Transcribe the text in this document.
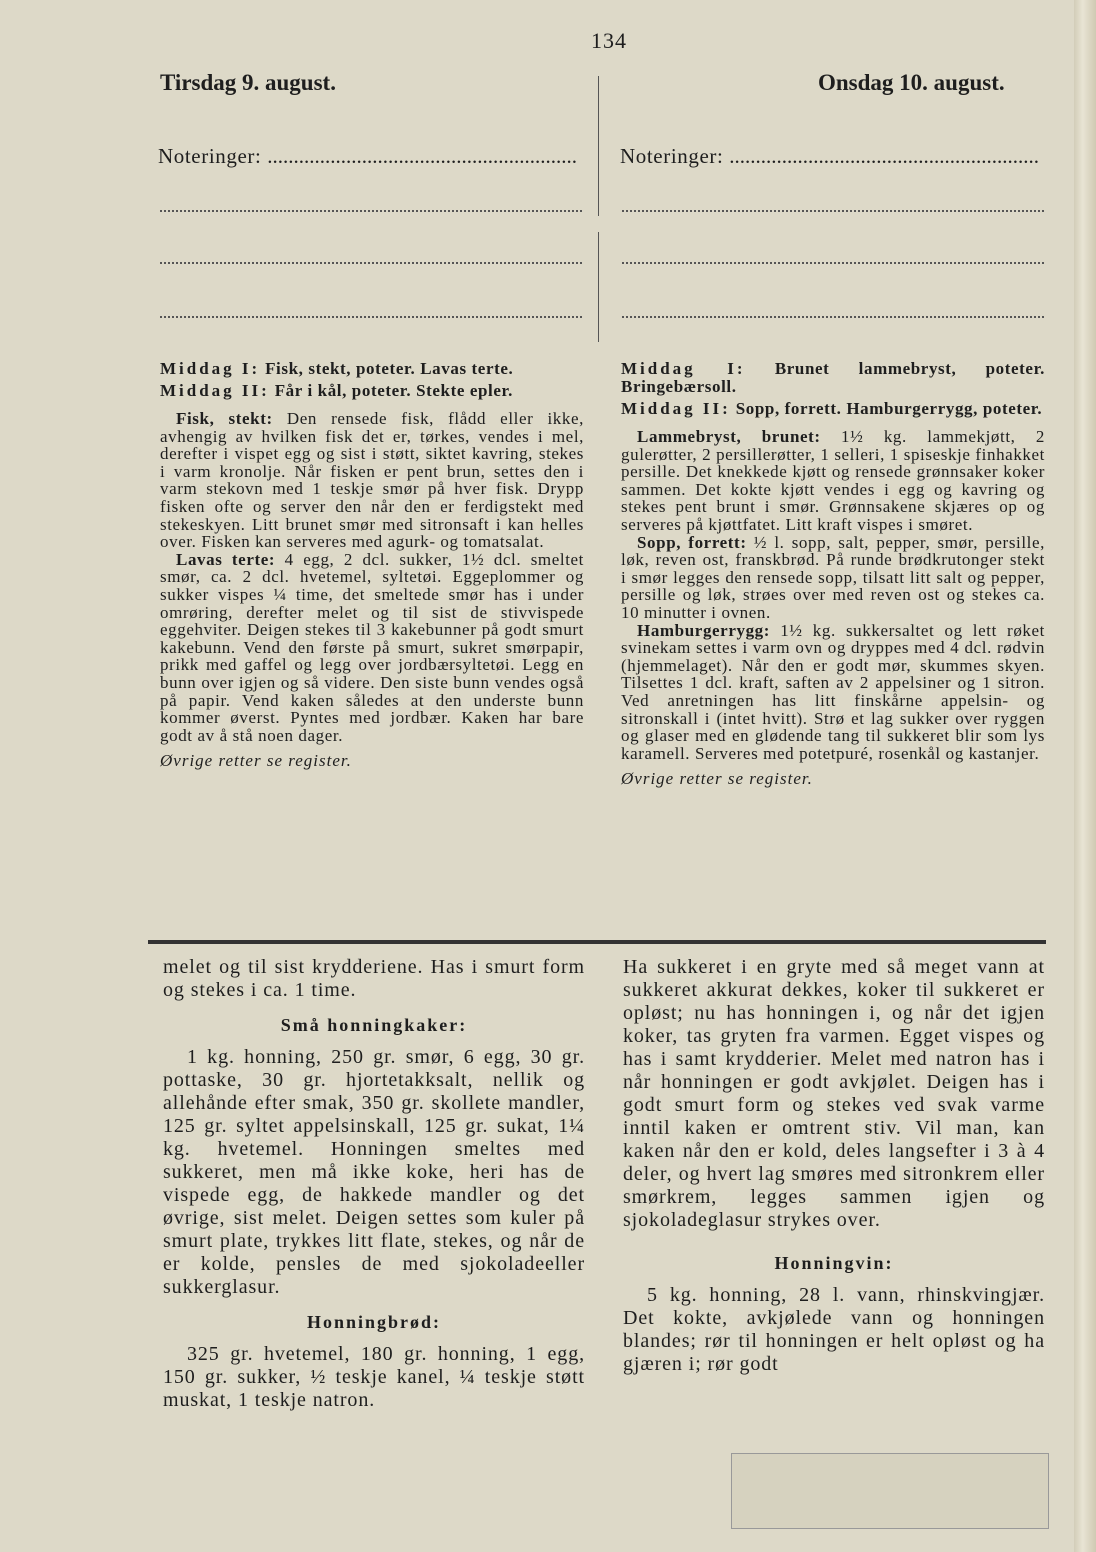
134
Tirsdag 9. august.	Onsdag 10. august.
Noteringer: ...........................................................	Noteringer: ...........................................................

Middag I: Fisk, stekt, poteter. Lavas terte.

Middag II: Får i kål, poteter. Stekte epler.

Fisk, stekt: Den rensede fisk, flådd eller ikke, avhengig av hvilken fisk det er, tørkes, vendes i mel, derefter i vispet egg og sist i støtt, siktet kavring, stekes i varm kronolje. Når fisken er pent brun, settes den i varm stekovn med 1 teskje smør på hver fisk. Drypp fisken ofte og server den når den er ferdigstekt med stekeskyen. Litt brunet smør med sitronsaft i kan helles over. Fisken kan serveres med agurk- og tomatsalat.

Lavas terte: 4 egg, 2 dcl. sukker, 1½ dcl. smeltet smør, ca. 2 dcl. hvetemel, syltetøi. Eggeplommer og sukker vispes ¼ time, det smeltede smør has i under omrøring, derefter melet og til sist de stivvispede eggehviter. Deigen stekes til 3 kakebunner på godt smurt kakebunn. Vend den første på smurt, sukret smørpapir, prikk med gaffel og legg over jordbærsyltetøi. Legg en bunn over igjen og så videre. Den siste bunn vendes også på papir. Vend kaken således at den underste bunn kommer øverst. Pyntes med jordbær. Kaken har bare godt av å stå noen dager.

Øvrige retter se register.

Middag I: Brunet lammebryst, poteter. Bringebærsoll.

Middag II: Sopp, forrett. Hamburgerrygg, poteter.

Lammebryst, brunet: 1½ kg. lammekjøtt, 2 gulerøtter, 2 persillerøtter, 1 selleri, 1 spiseskje finhakket persille. Det knekkede kjøtt og rensede grønnsaker koker sammen. Det kokte kjøtt vendes i egg og kavring og stekes pent brunt i smør. Grønnsakene skjæres op og serveres på kjøttfatet. Litt kraft vispes i smøret.

Sopp, forrett: ½ l. sopp, salt, pepper, smør, persille, løk, reven ost, franskbrød. På runde brødkrutonger stekt i smør legges den rensede sopp, tilsatt litt salt og pepper, persille og løk, strøes over med reven ost og stekes ca. 10 minutter i ovnen.

Hamburgerrygg: 1½ kg. sukkersaltet og lett røket svinekam settes i varm ovn og dryppes med 4 dcl. rødvin (hjemmelaget). Når den er godt mør, skummes skyen. Tilsettes 1 dcl. kraft, saften av 2 appelsiner og 1 sitron. Ved anretningen has litt finskårne appelsin- og sitronskall i (intet hvitt). Strø et lag sukker over ryggen og glaser med en glødende tang til sukkeret blir som lys karamell. Serveres med potetpuré, rosenkål og kastanjer.

Øvrige retter se register.

melet og til sist krydderiene. Has i smurt form og stekes i ca. 1 time.

Små honningkaker:

1 kg. honning, 250 gr. smør, 6 egg, 30 gr. pottaske, 30 gr. hjortetakksalt, nellik og allehånde efter smak, 350 gr. skollete mandler, 125 gr. syltet appelsinskall, 125 gr. sukat, 1¼ kg. hvetemel. Honningen smeltes med sukkeret, men må ikke koke, heri has de vispede egg, de hakkede mandler og det øvrige, sist melet. Deigen settes som kuler på smurt plate, trykkes litt flate, stekes, og når de er kolde, pensles de med sjokoladeeller sukkerglasur.

Honningbrød:

325 gr. hvetemel, 180 gr. honning, 1 egg, 150 gr. sukker, ½ teskje kanel, ¼ teskje støtt muskat, 1 teskje natron.

Ha sukkeret i en gryte med så meget vann at sukkeret akkurat dekkes, koker til sukkeret er opløst; nu has honningen i, og når det igjen koker, tas gryten fra varmen. Egget vispes og has i samt krydderier. Melet med natron has i når honningen er godt avkjølet. Deigen has i godt smurt form og stekes ved svak varme inntil kaken er omtrent stiv. Vil man, kan kaken når den er kold, deles langsefter i 3 à 4 deler, og hvert lag smøres med sitronkrem eller smørkrem, legges sammen igjen og sjokoladeglasur strykes over.

Honningvin:

5 kg. honning, 28 l. vann, rhinskvingjær. Det kokte, avkjølede vann og honningen blandes; rør til honningen er helt opløst og ha gjæren i; rør godt
